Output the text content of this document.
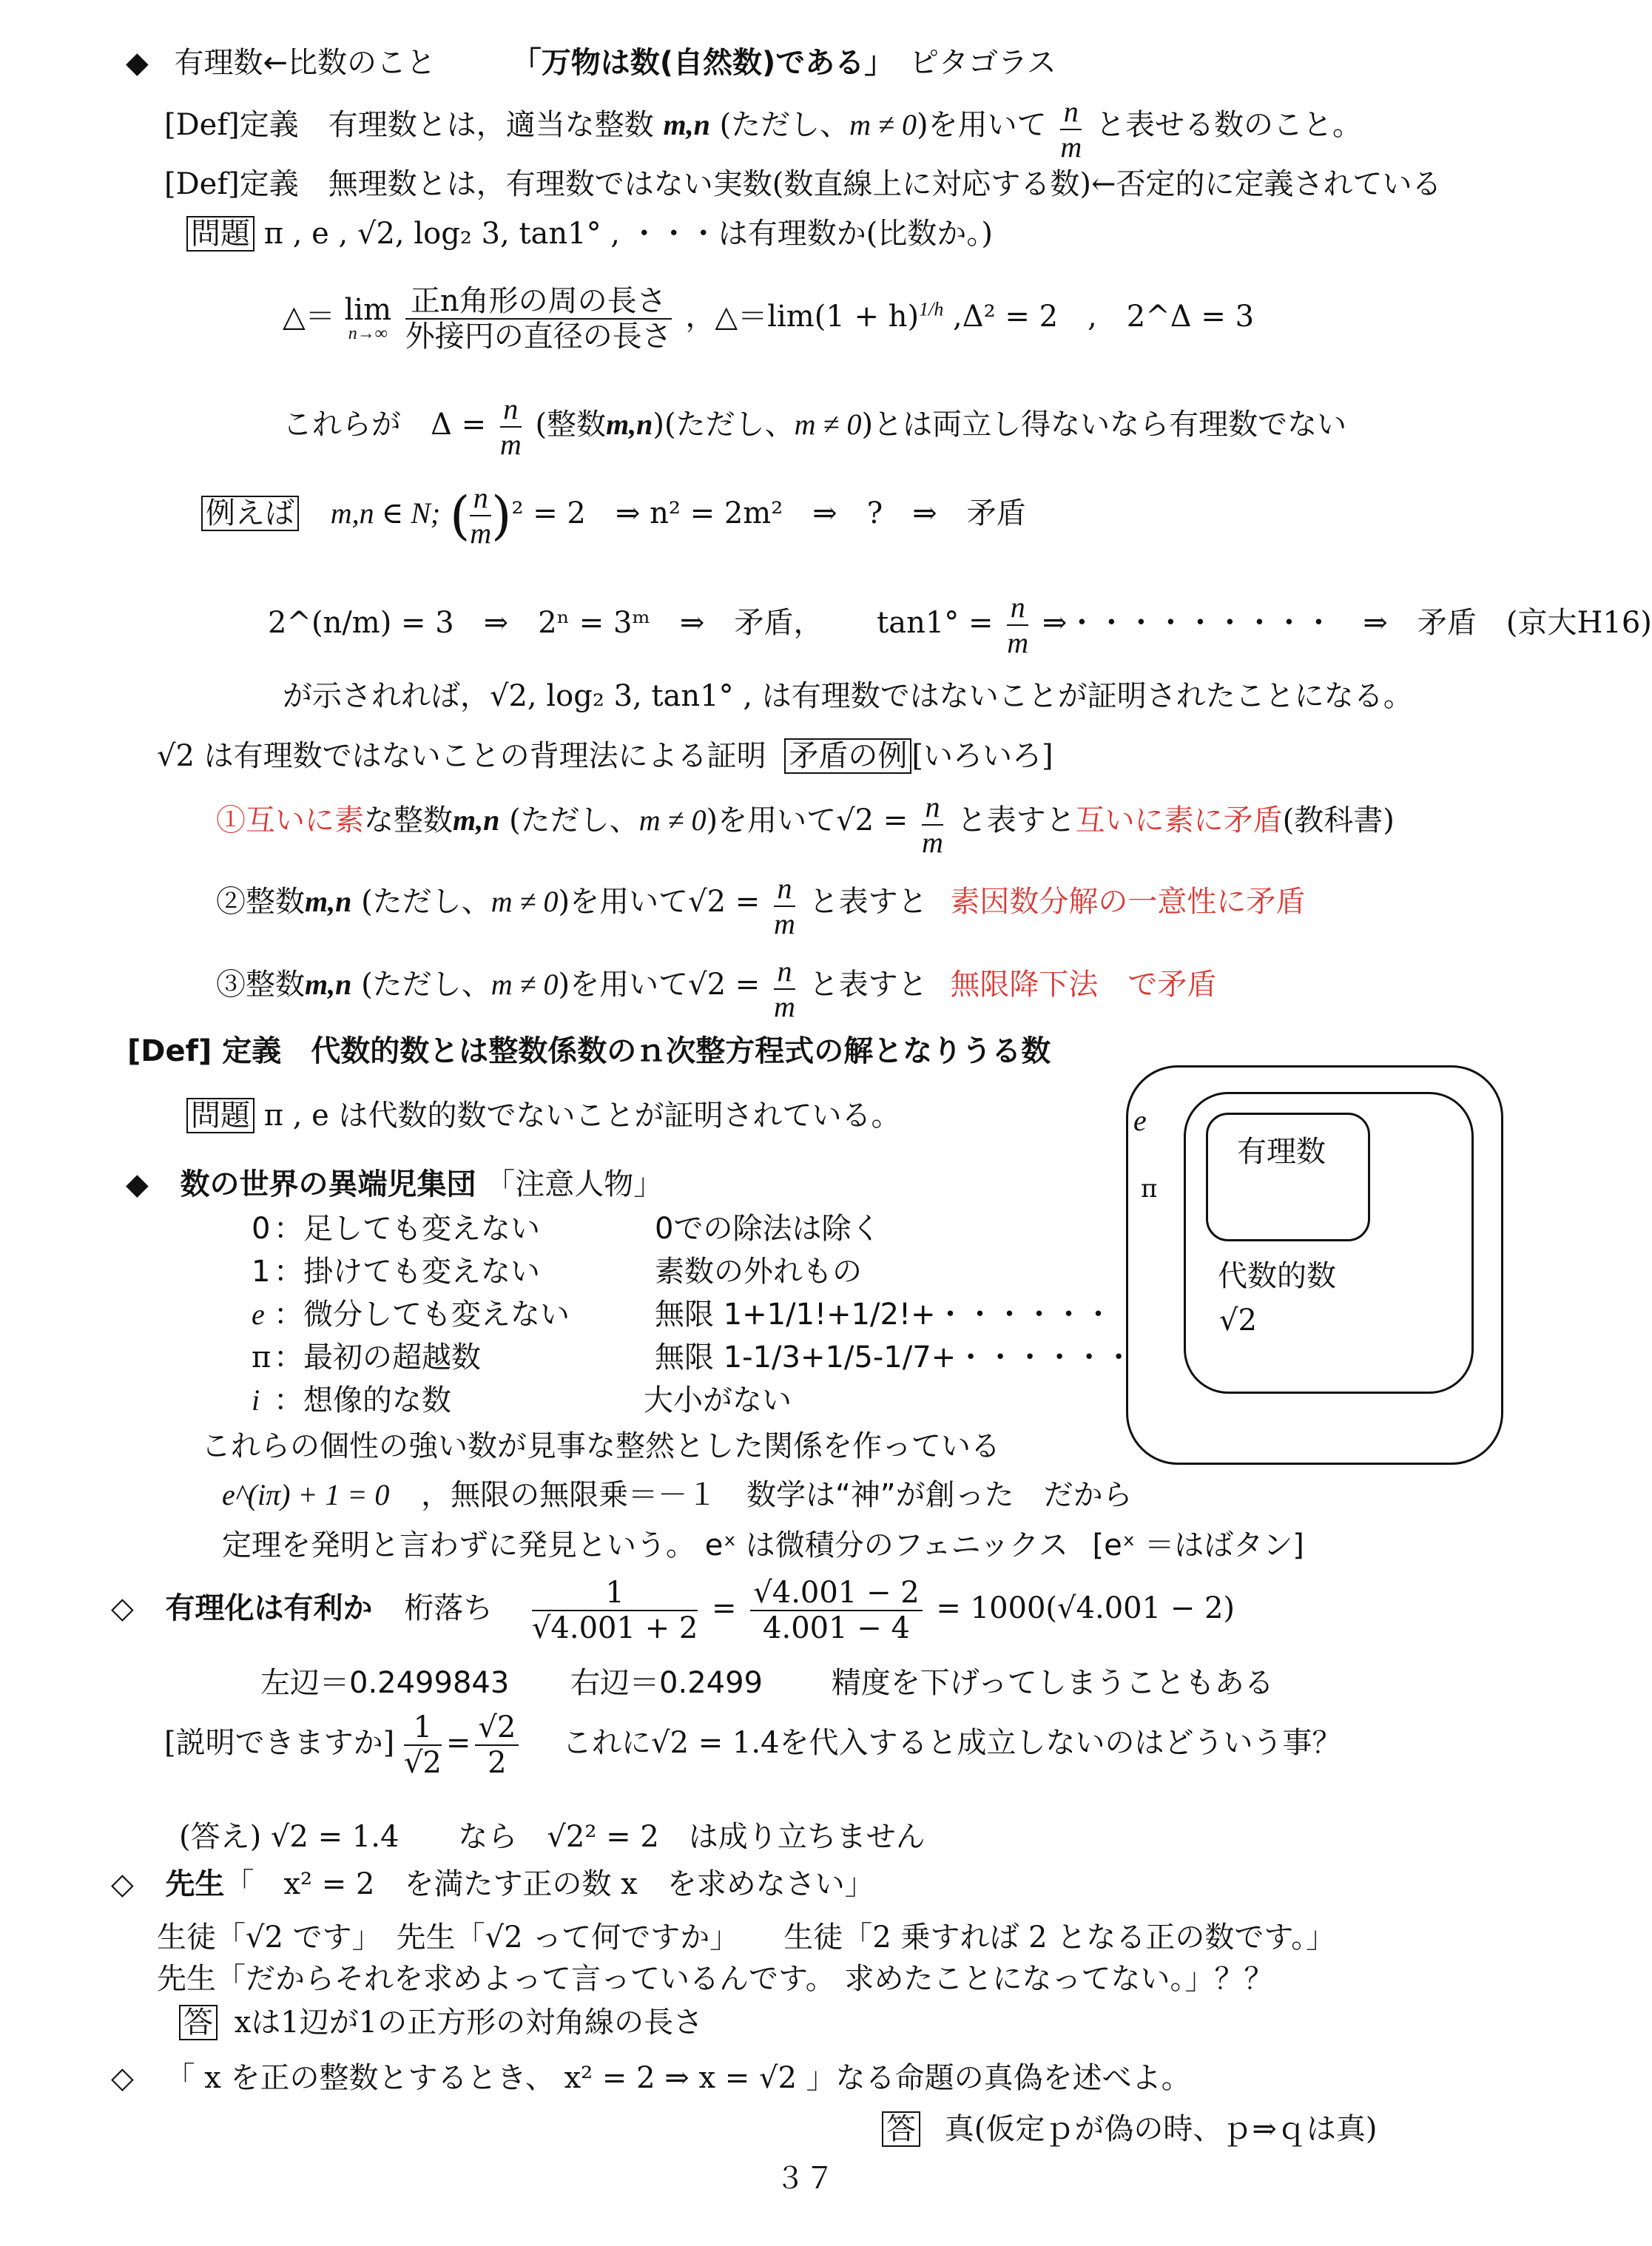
◆ 有理数←比数のこと	「万物は数(自然数)である」 ピタゴラス
[Def]定義　有理数とは，適当な整数 m,n (ただし、m ≠ 0)を用いて $\frac{n}{m}$ と表せる数のこと。
[Def]定義　無理数とは，有理数ではない実数(数直線上に対応する数)←否定的に定義されている
問題 π , e , √2, log₂ 3, tan1° , ・・・は有理数か(比数か。)
△＝ lim
n→∞
$\frac{\text{正n角形の周の長さ}}{\text{外接円の直径の長さ}}$ ，△＝lim(1 + h)$^{1/h}$ ,Δ² = 2　,　2^Δ = 3
これらが　$\Delta = \frac{n}{m}$ (整数m,n)(ただし、m ≠ 0)とは両立し得ないなら有理数でない
例えば m,n ∈ N; ( $\frac{n}{m} )^2 = 2$　⇒ n² = 2m²　⇒　?　⇒　矛盾
2^(n/m) = 3　⇒　2ⁿ = 3ᵐ　⇒　矛盾， $\tan 1^\circ = \frac{n}{m}$ ⇒・・・・・・・・・　⇒　矛盾　(京大H16)
が示されれば，√2, log₂ 3, tan1° , は有理数ではないことが証明されたことになる。
√2 は有理数ではないことの背理法による証明 矛盾の例 [いろいろ]
①互いに素な整数m,n (ただし、m ≠ 0)を用いて$√2 = \frac{n}{m}$ と表すと互いに素に矛盾(教科書)
②整数m,n (ただし、m ≠ 0)を用いて$√2 = \frac{n}{m}$ と表すと 素因数分解の一意性に矛盾
③整数m,n (ただし、m ≠ 0)を用いて$√2 = \frac{n}{m}$ と表すと 無限降下法　で矛盾
[Def] 定義　代数的数とは整数係数のｎ次整方程式の解となりうる数
問題 π , e は代数的数でないことが証明されている。
◆ 数の世界の異端児集団 「注意人物」
0 ：足しても変えない	0での除法は除く
1 ：掛けても変えない	素数の外れもの
e ：微分しても変えない	無限 1+1/1!+1/2!+・・・・・・
π：最初の超越数	無限 1-1/3+1/5-1/7+・・・・・・
i ：想像的な数	大小がない
これらの個性の強い数が見事な整然とした関係を作っている
e^(iπ) + 1 = 0 ，無限の無限乗＝－１　数学は“神”が創った　だから
定理を発明と言わずに発見という。 eˣ は微積分のフェニックス [eˣ ＝はばタン]
◇ 有理化は有利か 桁落ち $\frac{1}{√4.001 + 2} = \frac{√4.001 - 2}{4.001 - 4} = 1000(√4.001 - 2)$
左辺＝0.2499843 右辺＝0.2499 精度を下げってしまうこともある
[説明できますか] $\frac{1}{√2} = \frac{√2}{2}$ これに√2 = 1.4を代入すると成立しないのはどういう事？
(答え) √2 = 1.4　　なら　√2² = 2　は成り立ちません
◇ 先生「　x² = 2　を満たす正の数 x　を求めなさい」
生徒「√2 です」　先生「√2 って何ですか」　　生徒「2 乗すれば 2 となる正の数です。」
先生「だからそれを求めよって言っているんです。 求めたことになってない。」？？
答 xは1辺が1の正方形の対角線の長さ
◇ 「 x を正の整数とするとき、 x² = 2 ⇒ x = √2 」なる命題の真偽を述べよ。
答 真(仮定ｐが偽の時、ｐ⇒ｑは真)
３７
e
π
有理数
代数的数
√2
